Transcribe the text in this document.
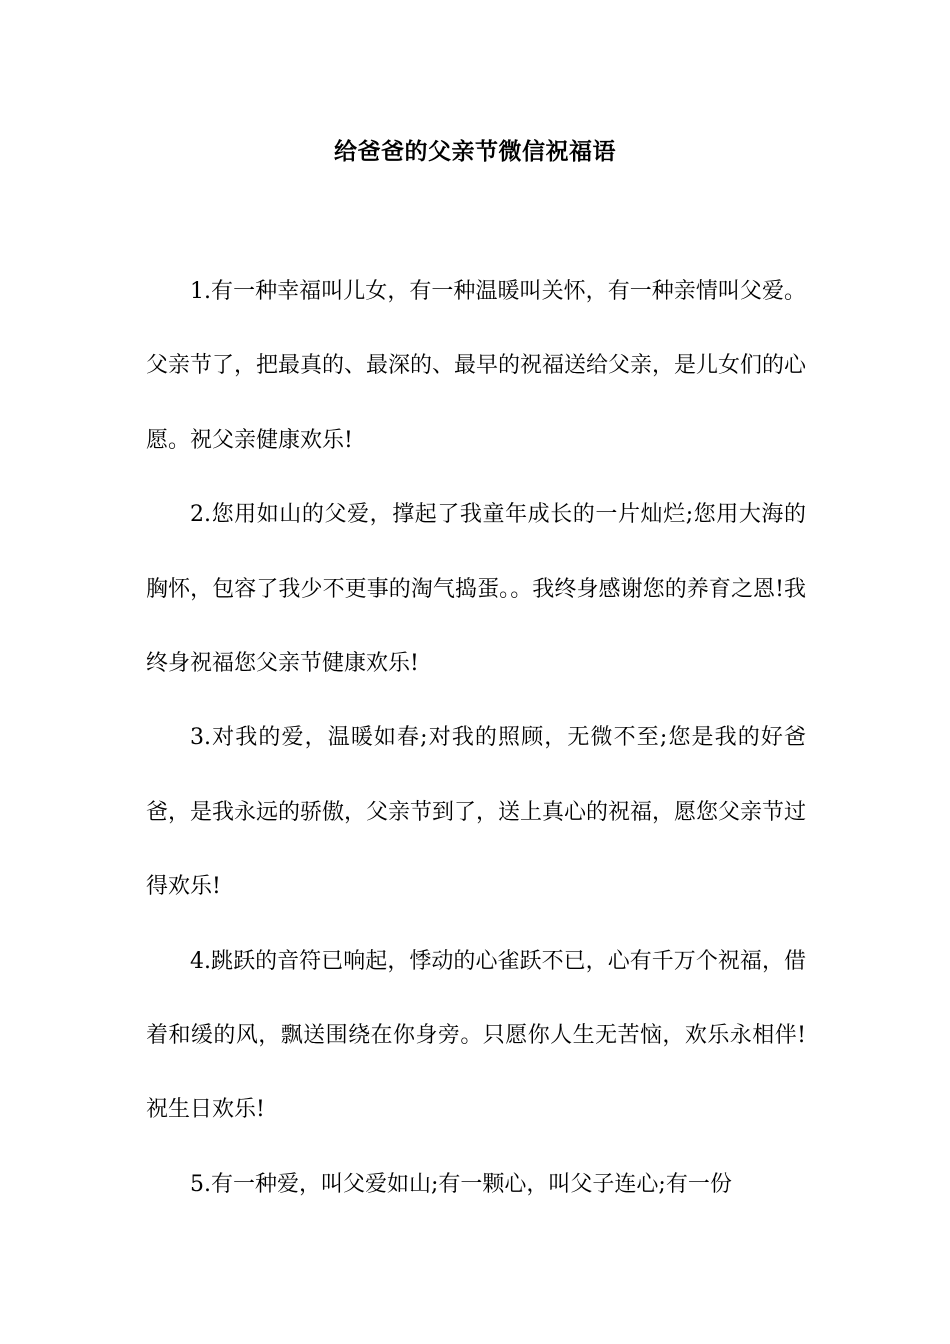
给爸爸的父亲节微信祝福语

1.有一种幸福叫儿女，有一种温暖叫关怀，有一种亲情叫父爱。父亲节了，把最真的、最深的、最早的祝福送给父亲，是儿女们的心愿。祝父亲健康欢乐!

2.您用如山的父爱，撑起了我童年成长的一片灿烂;您用大海的胸怀，包容了我少不更事的淘气捣蛋。。我终身感谢您的养育之恩!我终身祝福您父亲节健康欢乐!

3.对我的爱，温暖如春;对我的照顾，无微不至;您是我的好爸爸，是我永远的骄傲，父亲节到了，送上真心的祝福，愿您父亲节过得欢乐!

4.跳跃的音符已响起，悸动的心雀跃不已，心有千万个祝福，借着和缓的风，飘送围绕在你身旁。只愿你人生无苦恼，欢乐永相伴!祝生日欢乐!

5.有一种爱，叫父爱如山;有一颗心，叫父子连心;有一份
